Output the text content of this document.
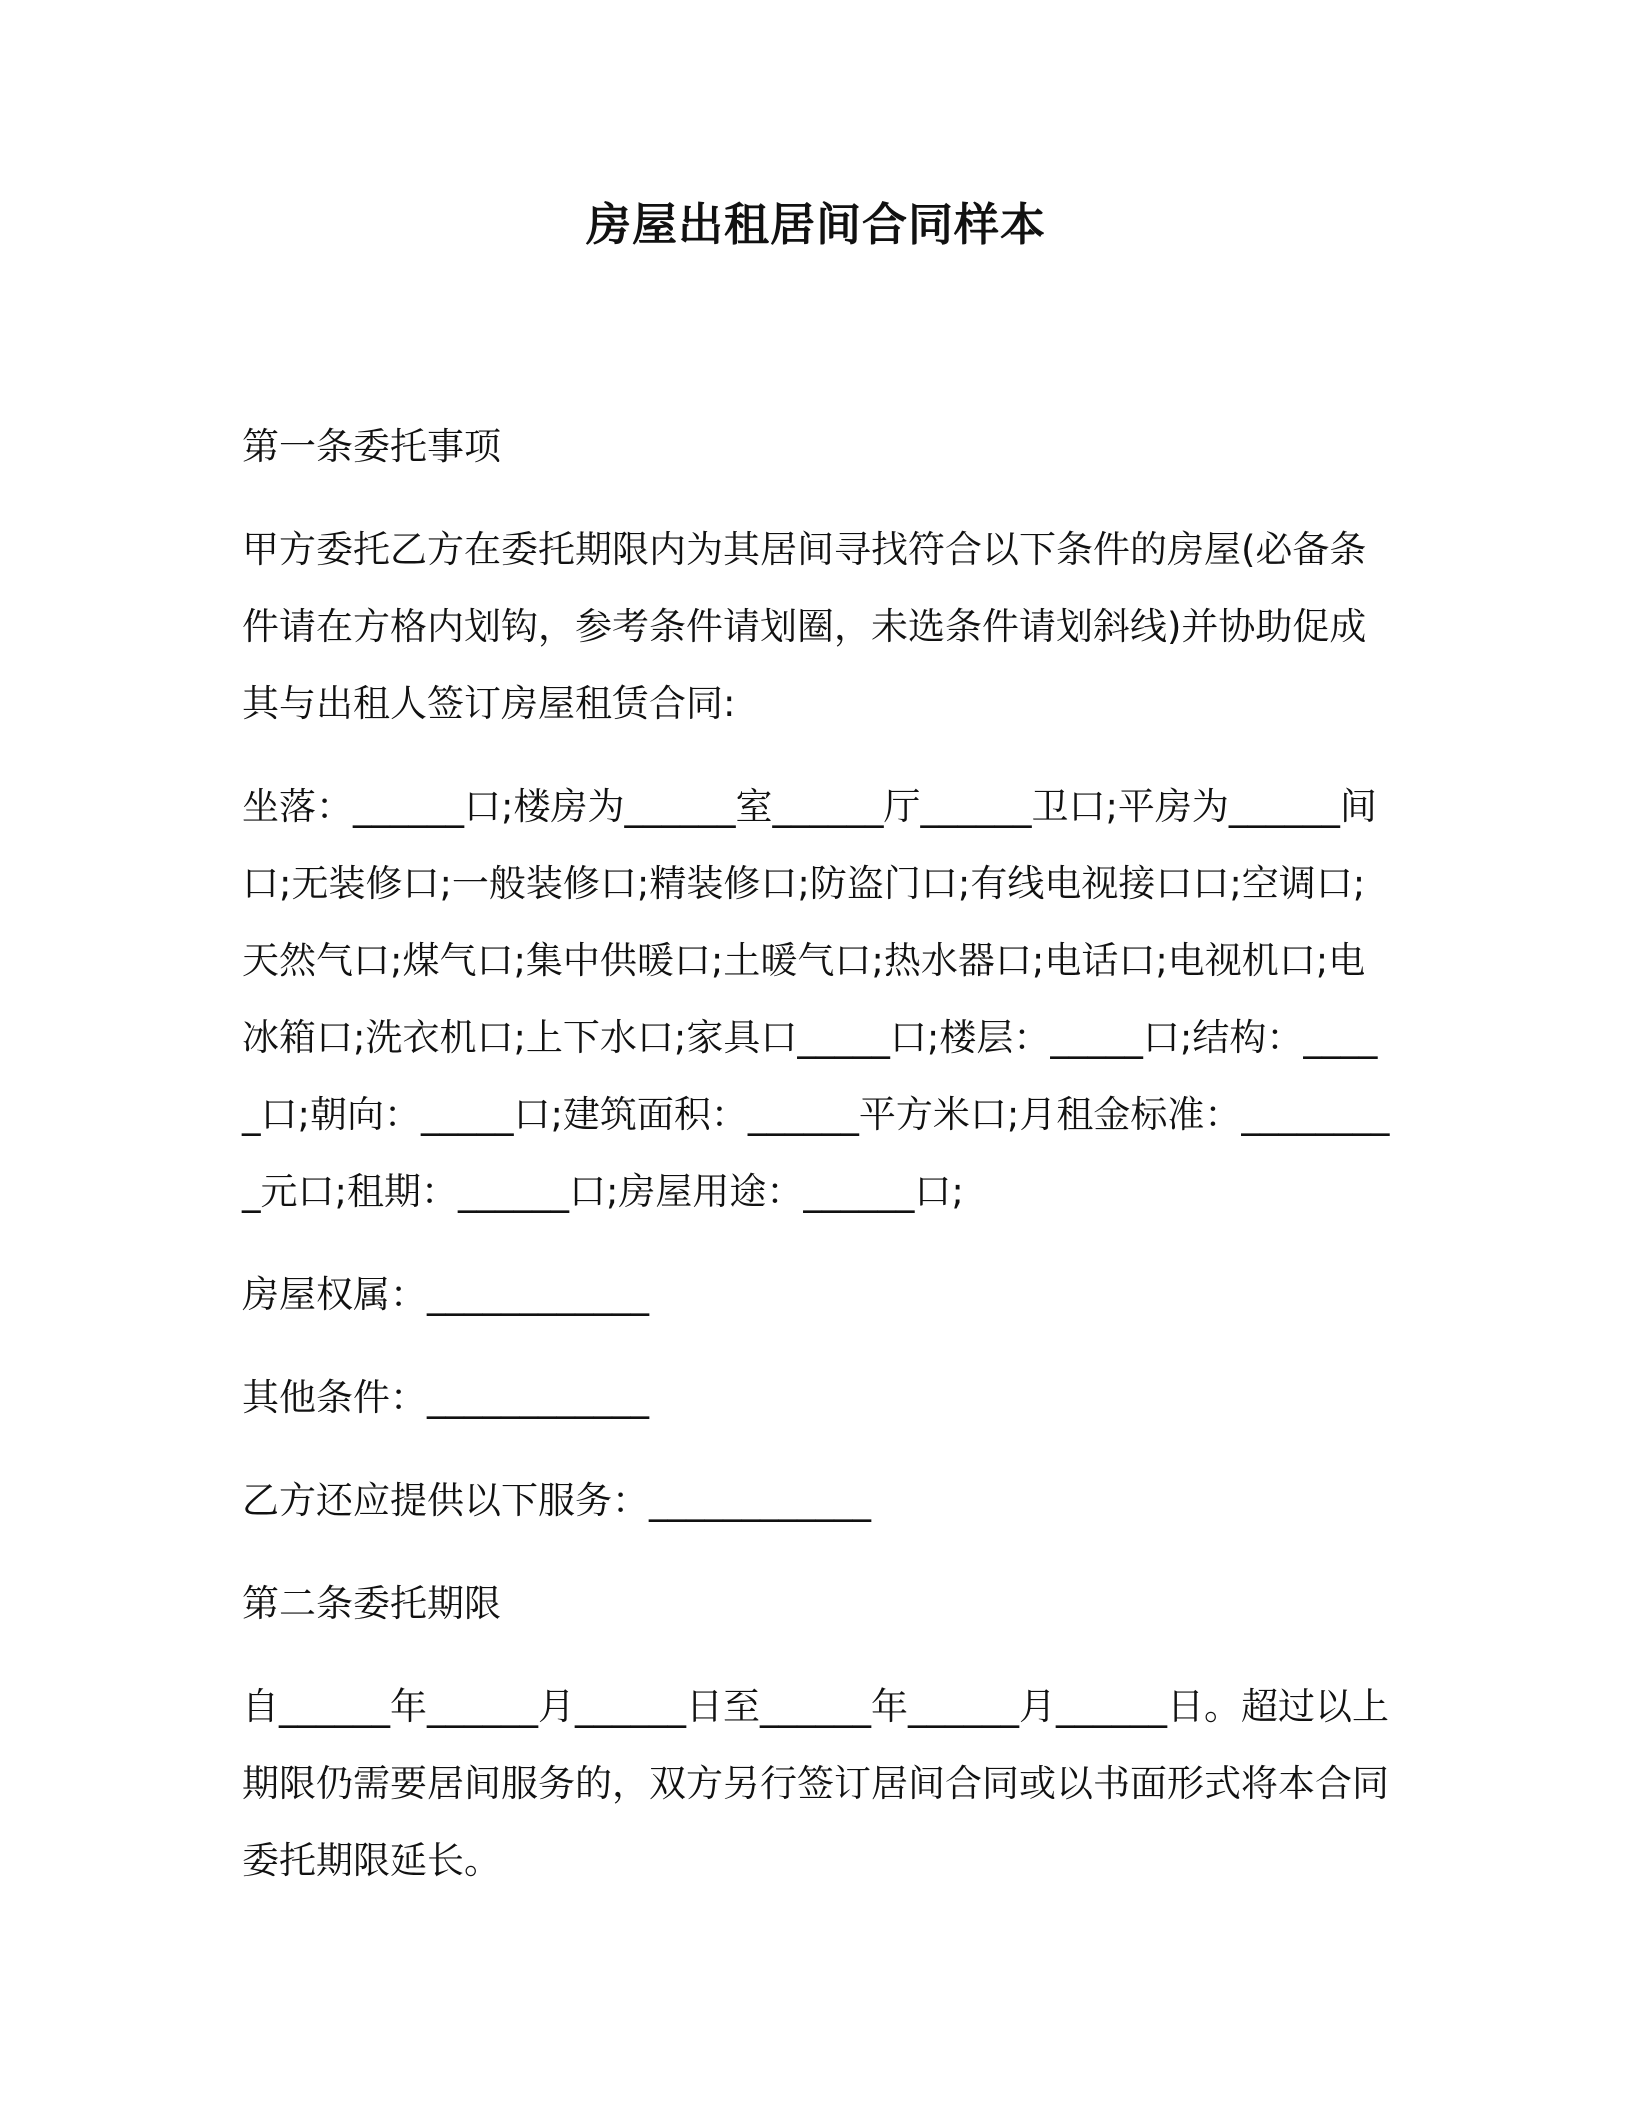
房屋出租居间合同样本

第一条委托事项

甲方委托乙方在委托期限内为其居间寻找符合以下条件的房屋(必备条件请在方格内划钩，参考条件请划圈，未选条件请划斜线)并协助促成其与出租人签订房屋租赁合同:

坐落：______口;楼房为______室______厅______卫口;平房为______间口;无装修口;一般装修口;精装修口;防盗门口;有线电视接口口;空调口;天然气口;煤气口;集中供暖口;土暖气口;热水器口;电话口;电视机口;电冰箱口;洗衣机口;上下水口;家具口_____口;楼层：_____口;结构：_____口;朝向：_____口;建筑面积：______平方米口;月租金标准：_________元口;租期：______口;房屋用途：______口;

房屋权属：____________

其他条件：____________

乙方还应提供以下服务：____________

第二条委托期限

自______年______月______日至______年______月______日。超过以上期限仍需要居间服务的，双方另行签订居间合同或以书面形式将本合同委托期限延长。
